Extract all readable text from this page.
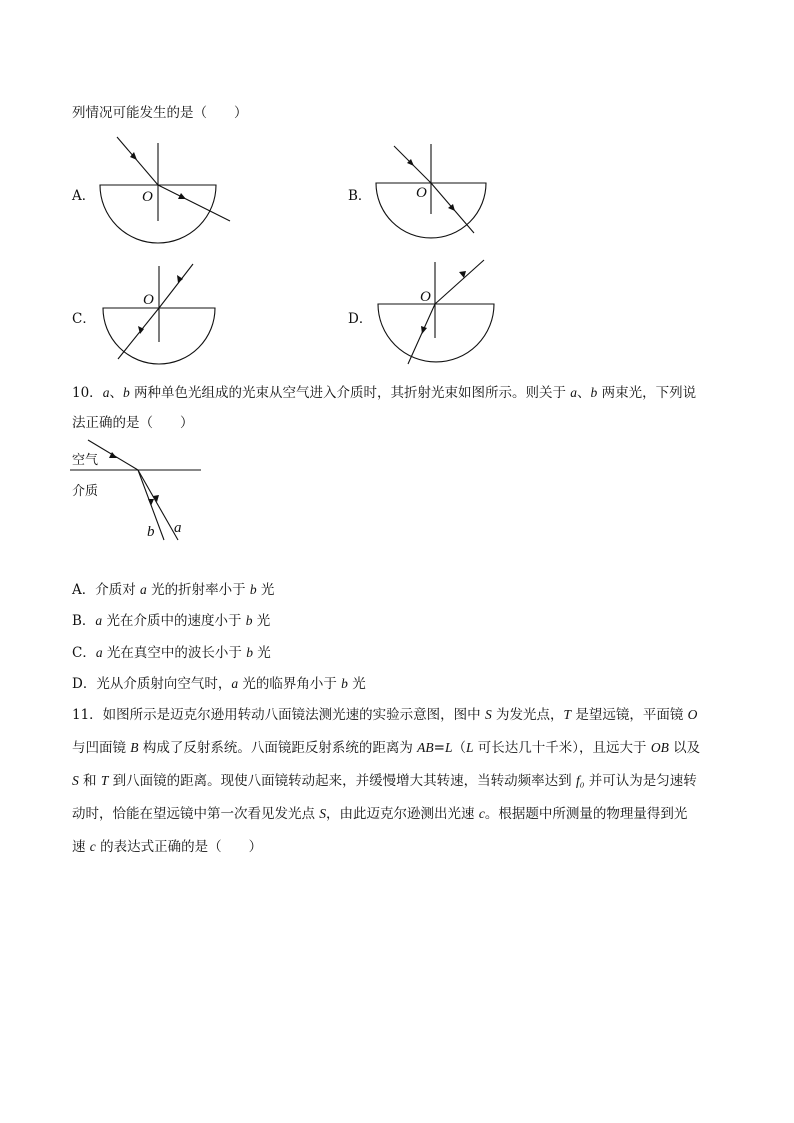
列情况可能发生的是（　　）
A．	O	B．	O
C．
O
D．
O
10．a、b 两种单色光组成的光束从空气进入介质时，其折射光束如图所示。则关于 a、b 两束光，下列说
法正确的是（　　）
空气
介质
b a
A．介质对 a 光的折射率小于 b 光
B．a 光在介质中的速度小于 b 光
C．a 光在真空中的波长小于 b 光
D．光从介质射向空气时，a 光的临界角小于 b 光
11．如图所示是迈克尔逊用转动八面镜法测光速的实验示意图，图中 S 为发光点，T 是望远镜，平面镜 O
与凹面镜 B 构成了反射系统。八面镜距反射系统的距离为 AB=L（L 可长达几十千米），且远大于 OB 以及
S 和 T 到八面镜的距离。现使八面镜转动起来，并缓慢增大其转速，当转动频率达到 f₀ 并可认为是匀速转
动时，恰能在望远镜中第一次看见发光点 S，由此迈克尔逊测出光速 c。根据题中所测量的物理量得到光
速 c 的表达式正确的是（　　）
